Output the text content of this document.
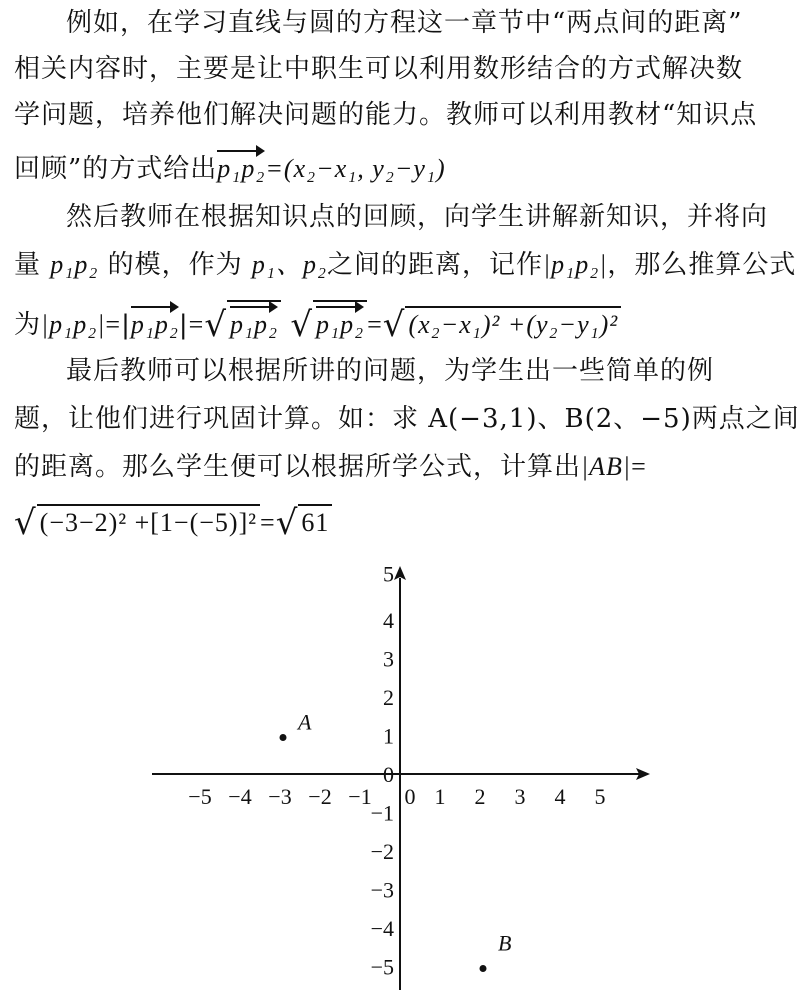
例如，在学习直线与圆的方程这一章节中“两点间的距离”
相关内容时，主要是让中职生可以利用数形结合的方式解决数
学问题，培养他们解决问题的能力。教师可以利用教材“知识点
回顾”的方式给出p₁p₂=(x₂−x₁, y₂−y₁)
然后教师在根据知识点的回顾，向学生讲解新知识，并将向
量 p₁p₂ 的模，作为 p₁、p₂之间的距离，记作|p₁p₂|，那么推算公式
为|p₁p₂|=|p₁p₂|=√ p₁p₂ √ p₁p₂ =√ (x₂−x₁)² +(y₂−y₁)²
最后教师可以根据所讲的问题，为学生出一些简单的例
题，让他们进行巩固计算。如：求 A(−3,1)、B(2、−5)两点之间
的距离。那么学生便可以根据所学公式，计算出|AB|=
√ (−3−2)² +[1−(−5)]² =√ 61
−5 −4 −3 −2 −1 0 1 2 3 4 5
5
4
3
2
1
0
−1
−2
−3
−4
−5
A
B
